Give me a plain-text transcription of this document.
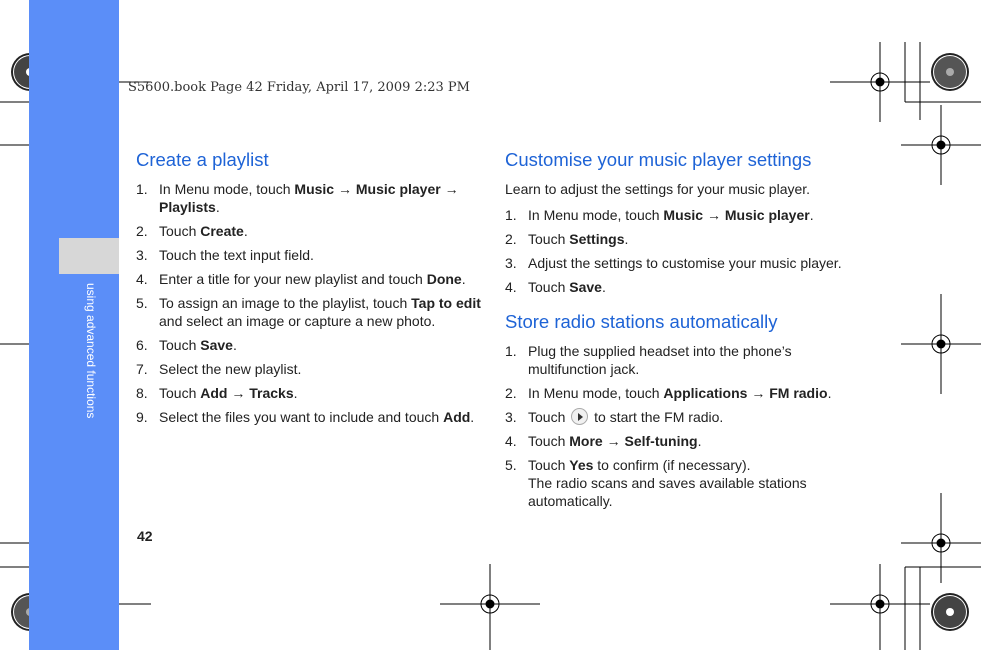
using advanced functions
S5600.book Page 42 Friday, April 17, 2009 2:23 PM
Create a playlist
1. In Menu mode, touch Music → Music player → Playlists.
2. Touch Create.
3. Touch the text input field.
4. Enter a title for your new playlist and touch Done.
5. To assign an image to the playlist, touch Tap to edit and select an image or capture a new photo.
6. Touch Save.
7. Select the new playlist.
8. Touch Add → Tracks.
9. Select the files you want to include and touch Add.
Customise your music player settings

Learn to adjust the settings for your music player.

1. In Menu mode, touch Music → Music player.
2. Touch Settings.
3. Adjust the settings to customise your music player.
4. Touch Save.
Store radio stations automatically
1. Plug the supplied headset into the phone’s multifunction jack.
2. In Menu mode, touch Applications → FM radio.
3. Touch  to start the FM radio.
4. Touch More → Self-tuning.
5. Touch Yes to confirm (if necessary).
The radio scans and saves available stations automatically.
42
